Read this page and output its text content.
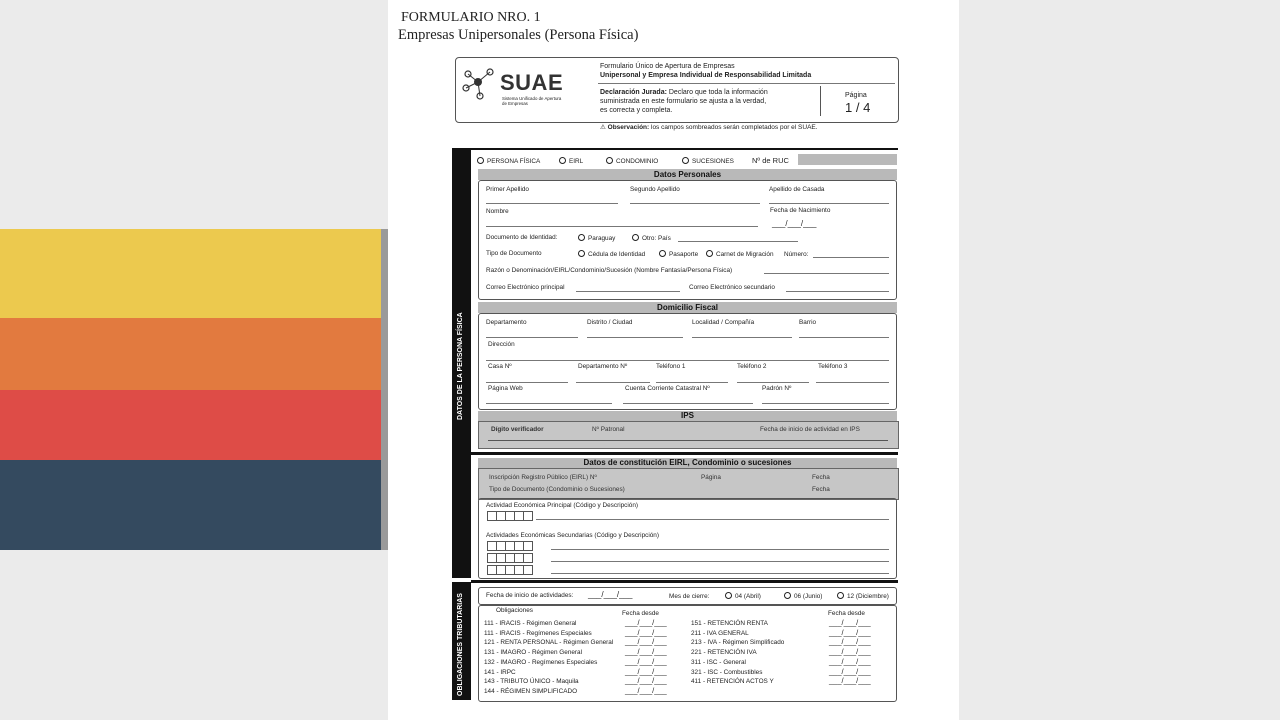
FORMULARIO NRO. 1
Empresas Unipersonales (Persona Física)
SUAE
Sistema Unificado de Apertura de Empresas
Formulario Único de Apertura de Empresas
Unipersonal y Empresa Individual de Responsabilidad Limitada
Declaración Jurada: Declaro que toda la información
suministrada en este formulario se ajusta a la verdad,
es correcta y completa.
Página
1 / 4
⚠ Observación: los campos sombreados serán completados por el SUAE.
DATOS DE LA PERSONA FÍSICA
OBLIGACIONES TRIBUTARIAS
PERSONA FÍSICA	EIRL	CONDOMINIO	SUCESIONES Nº de RUC
Datos Personales
Primer Apellido	Segundo Apellido	Apellido de Casada
Nombre	Fecha de Nacimiento
___/___/___
Documento de Identidad:	Paraguay	Otro: País
Tipo de Documento	Cédula de Identidad	Pasaporte	Carnet de Migración Número:
Razón o Denominación/EIRL/Condominio/Sucesión (Nombre Fantasía/Persona Física)
Correo Electrónico principal	Correo Electrónico secundario
Domicilio Fiscal
Departamento	Distrito / Ciudad	Localidad / Compañía	Barrio
Dirección
Casa Nº	Departamento Nº	Teléfono 1	Teléfono 2	Teléfono 3
Página Web	Cuenta Corriente Catastral Nº	Padrón Nº
IPS
Dígito verificador	Nº Patronal	Fecha de inicio de actividad en IPS
Datos de constitución EIRL, Condominio o sucesiones
Inscripción Registro Público (EIRL) Nº	Página	Fecha
Tipo de Documento (Condominio o Sucesiones)	Fecha
Actividad Económica Principal (Código y Descripción)
Actividades Económicas Secundarias (Código y Descripción)
Fecha de inicio de actividades: ___/___/___	Mes de cierre:	04 (Abril)	06 (Junio)	12 (Diciembre)
Obligaciones	Fecha desde	Fecha desde
111 - IRACIS - Régimen General	___/___/___
111 - IRACIS - Regímenes Especiales	___/___/___
121 - RENTA PERSONAL - Régimen General ___/___/___
131 - IMAGRO - Régimen General	___/___/___
132 - IMAGRO - Regímenes Especiales	___/___/___
141 - IRPC	___/___/___
143 - TRIBUTO ÚNICO - Maquila	___/___/___
144 - RÉGIMEN SIMPLIFICADO	___/___/___
151 - RETENCIÓN RENTA	___/___/___
211 - IVA GENERAL	___/___/___
213 - IVA - Régimen Simplificado	___/___/___
221 - RETENCIÓN IVA	___/___/___
311 - ISC - General	___/___/___
321 - ISC - Combustibles	___/___/___
411 - RETENCIÓN ACTOS Y	___/___/___
